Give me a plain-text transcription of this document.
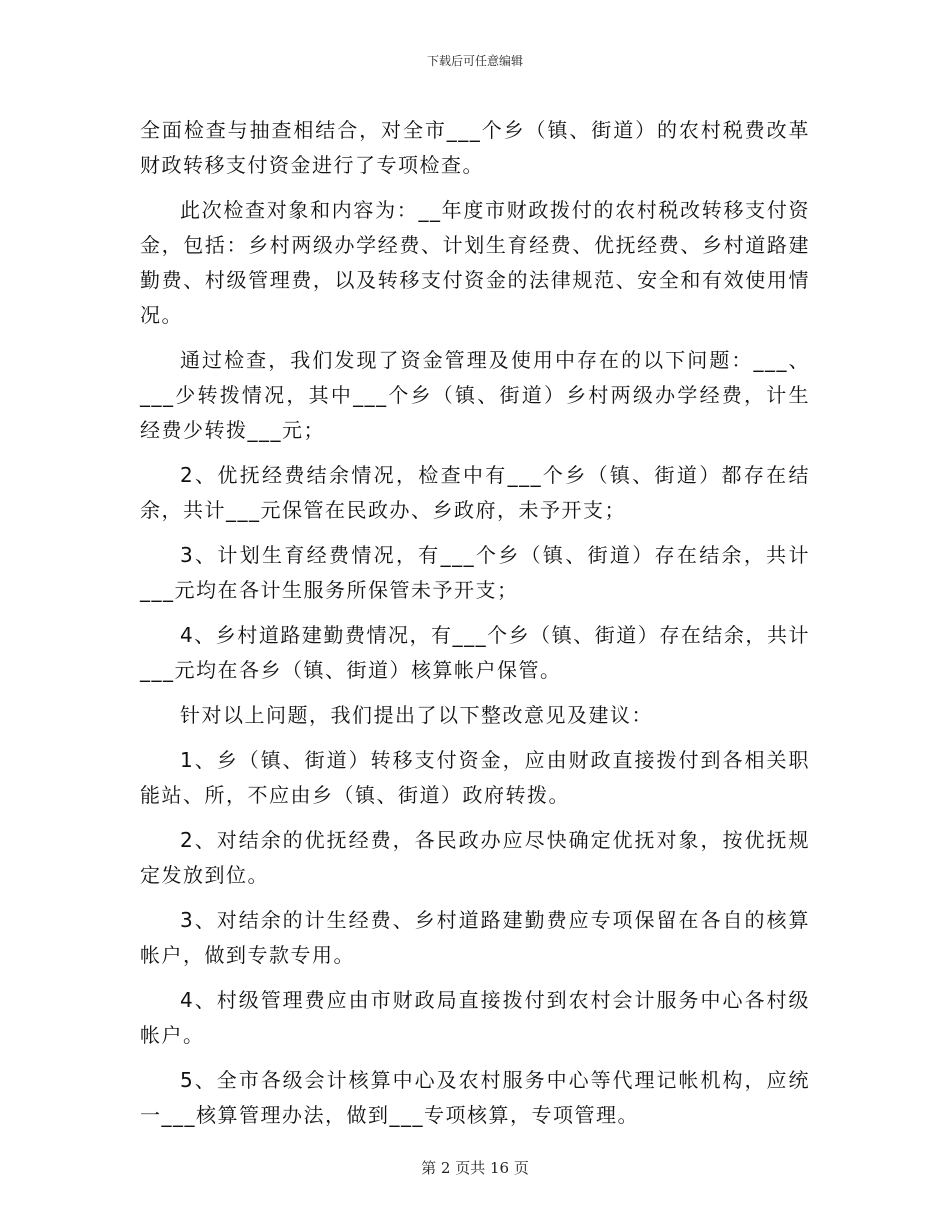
下载后可任意编辑

全面检查与抽查相结合，对全市___个乡（镇、街道）的农村税费改革财政转移支付资金进行了专项检查。

此次检查对象和内容为：__年度市财政拨付的农村税改转移支付资金，包括：乡村两级办学经费、计划生育经费、优抚经费、乡村道路建勤费、村级管理费，以及转移支付资金的法律规范、安全和有效使用情况。

通过检查，我们发现了资金管理及使用中存在的以下问题：___、___少转拨情况，其中___个乡（镇、街道）乡村两级办学经费，计生经费少转拨___元；

2、优抚经费结余情况，检查中有___个乡（镇、街道）都存在结余，共计___元保管在民政办、乡政府，未予开支；

3、计划生育经费情况，有___个乡（镇、街道）存在结余，共计___元均在各计生服务所保管未予开支；

4、乡村道路建勤费情况，有___个乡（镇、街道）存在结余，共计___元均在各乡（镇、街道）核算帐户保管。

针对以上问题，我们提出了以下整改意见及建议：

1、乡（镇、街道）转移支付资金，应由财政直接拨付到各相关职能站、所，不应由乡（镇、街道）政府转拨。

2、对结余的优抚经费，各民政办应尽快确定优抚对象，按优抚规定发放到位。

3、对结余的计生经费、乡村道路建勤费应专项保留在各自的核算帐户，做到专款专用。

4、村级管理费应由市财政局直接拨付到农村会计服务中心各村级帐户。

5、全市各级会计核算中心及农村服务中心等代理记帐机构，应统一___核算管理办法，做到___专项核算，专项管理。

第 2 页共 16 页
